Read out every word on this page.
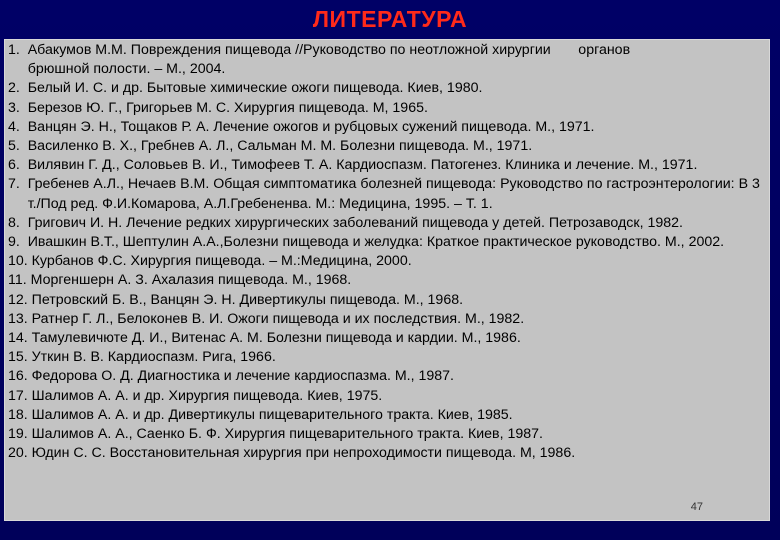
ЛИТЕРАТУРА
1. Абакумов М.М. Повреждения пищевода //Руководство по неотложной хирургии       органов
брюшной полости. – М., 2004.
2. Белый И. С. и др. Бытовые химические ожоги пищевода. Киев, 1980.
3. Березов Ю. Г., Григорьев М. С. Хирургия пищевода. М, 1965.
4. Ванцян Э. Н., Тощаков Р. А. Лечение ожогов и рубцовых сужений пищевода. М., 1971.
5. Василенко В. Х., Гребнев А. Л., Сальман М. М. Болезни пищевода. М., 1971.
6. Вилявин Г. Д., Соловьев В. И., Тимофеев Т. А. Кардиоспазм. Патогенез. Клиника и лечение. М., 1971.
7. Гребенев А.Л., Нечаев В.М. Общая симптоматика болезней пищевода: Руководство по гастроэнтерологии: В 3 т./Под ред. Ф.И.Комарова, А.Л.Гребененва. М.: Медицина, 1995. – Т. 1.
8. Григович И. Н. Лечение редких хирургических заболеваний пищевода у детей. Петрозаводск, 1982.
9. Ивашкин В.Т., Шептулин А.А.,Болезни пищевода и желудка: Краткое практическое руководство. М., 2002.
10. Курбанов Ф.С. Хирургия пищевода. – М.:Медицина, 2000.
11. Моргеншерн А. З. Ахалазия пищевода. М., 1968.
12. Петровский Б. В., Ванцян Э. Н. Дивертикулы пищевода. М., 1968.
13. Ратнер Г. Л., Белоконев В. И. Ожоги пищевода и их последствия. М., 1982.
14. Тамулевичюте Д. И., Витенас А. М. Болезни пищевода и кардии. М., 1986.
15. Уткин В. В. Кардиоспазм. Рига, 1966.
16. Федорова О. Д. Диагностика и лечение кардиоспазма. М., 1987.
17. Шалимов А. А. и др. Хирургия пищевода. Киев, 1975.
18. Шалимов А. А. и др. Дивертикулы пищеварительного тракта. Киев, 1985.
19. Шалимов А. А., Саенко Б. Ф. Хирургия пищеварительного тракта. Киев, 1987.
20. Юдин С. С. Восстановительная хирургия при непроходимости пищевода. М, 1986.
47
